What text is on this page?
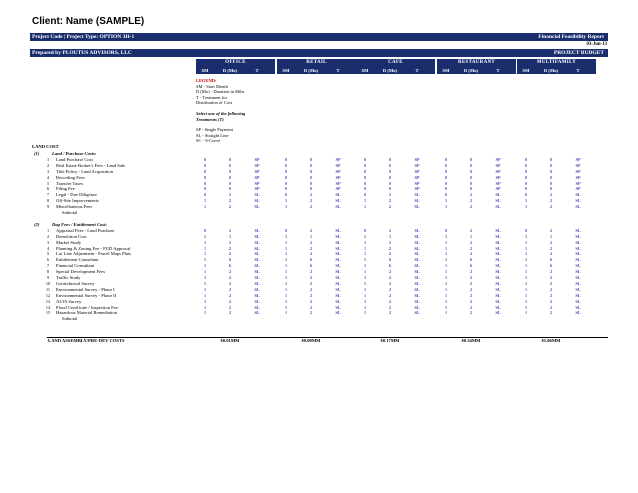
Client: Name (SAMPLE)
Project Code | Project Type: OPTION 3H-1	Financial Feasibility Report
03-Jun-13
Prepared by PLOUTUS ADVISORS, LLC	PROJECT BUDGET
OFFICE
SM	D (Mo)	T
RETAIL
SM	D (Mo)	T
CAFE
SM	D (Mo)	T
RESTAURANT
SM	D (Mo)	T
MULTIFAMILY
SM	D (Mo)	T
LEGEND:
SM - Start Month
D (Mo) - Duration in Mths
T - Treatment for
Distribution of Cost
Select one of the following
Treatments (T)
SP - Single Payment
SL - Straight Line
SC - S-Curve
LAND COST
(1)	Land / Purchase Costs:
1 Land Purchase Cost	0	0	SP	0	0	SP	0	0	SP	0	0	SP	0	0	SP
2 Real Estate Broker's Fees - Land Sale	0	0	SP	0	0	SP	0	0	SP	0	0	SP	0	0	SP
3 Title Policy - Land Acquisition	0	0	SP	0	0	SP	0	0	SP	0	0	SP	0	0	SP
4 Recording Fees	0	0	SP	0	0	SP	0	0	SP	0	0	SP	0	0	SP
5 Transfer Taxes	0	0	SP	0	0	SP	0	0	SP	0	0	SP	0	0	SP
6 Filing Fee	0	0	SP	0	0	SP	0	0	SP	0	0	SP	0	0	SP
7 Legal - Due Diligence	0	2	SL	0	2	SL	0	2	SL	0	2	SL	0	2	SL
8 Off-Site Improvements	1	2	SL	1	2	SL	1	2	SL	1	2	SL	1	2	SL
9 Miscellaneous Fees	1	2	SL	1	2	SL	1	2	SL	1	2	SL	1	2	SL
Subtotal
(2)	Dag Fees / Entitlement Cost:
1 Appraisal Fees - Land Purchase	0	2	SL	0	2	SL	0	2	SL	0	2	SL	0	2	SL
2 Demolition Cost	1	1	SL	1	1	SL	1	1	SL	1	1	SL	1	1	SL
3 Market Study	1	2	SL	1	2	SL	1	2	SL	1	2	SL	1	2	SL
4 Planning & Zoning Fee - PUD Approval	1	2	SL	1	2	SL	1	2	SL	1	2	SL	1	2	SL
5 Lot Line Adjustment - Parcel Maps Plats	1	2	SL	1	2	SL	1	2	SL	1	2	SL	1	2	SL
6 Entitlement Consultant	1	6	SL	1	6	SL	1	6	SL	1	6	SL	1	6	SL
7 Financial Consultant	1	6	SL	1	6	SL	1	6	SL	1	6	SL	1	6	SL
8 Special Development Fees	1	2	SL	1	2	SL	1	2	SL	1	2	SL	1	2	SL
9 Traffic Study	1	2	SL	1	2	SL	1	2	SL	1	2	SL	1	2	SL
10 Geotechnical Survey	1	2	SL	1	2	SL	1	2	SL	1	2	SL	1	2	SL
11 Environmental Survey - Phase I	1	2	SL	1	2	SL	1	2	SL	1	2	SL	1	2	SL
12 Environmental Survey - Phase II	1	2	SL	1	2	SL	1	2	SL	1	2	SL	1	2	SL
13 ALTA Survey	1	2	SL	1	2	SL	1	2	SL	1	2	SL	1	2	SL
14 Flood Certificate / Inspection Fee	1	2	SL	1	2	SL	1	2	SL	1	2	SL	1	2	SL
15 Hazardous Material Remediation	1	2	SL	1	2	SL	1	2	SL	1	2	SL	1	2	SL
Subtotal
LAND ASSEMBLY/PRE-DEV COSTS	$0.01MM	$0.00MM	$0.17MM	$0.34MM	$1.06MM
